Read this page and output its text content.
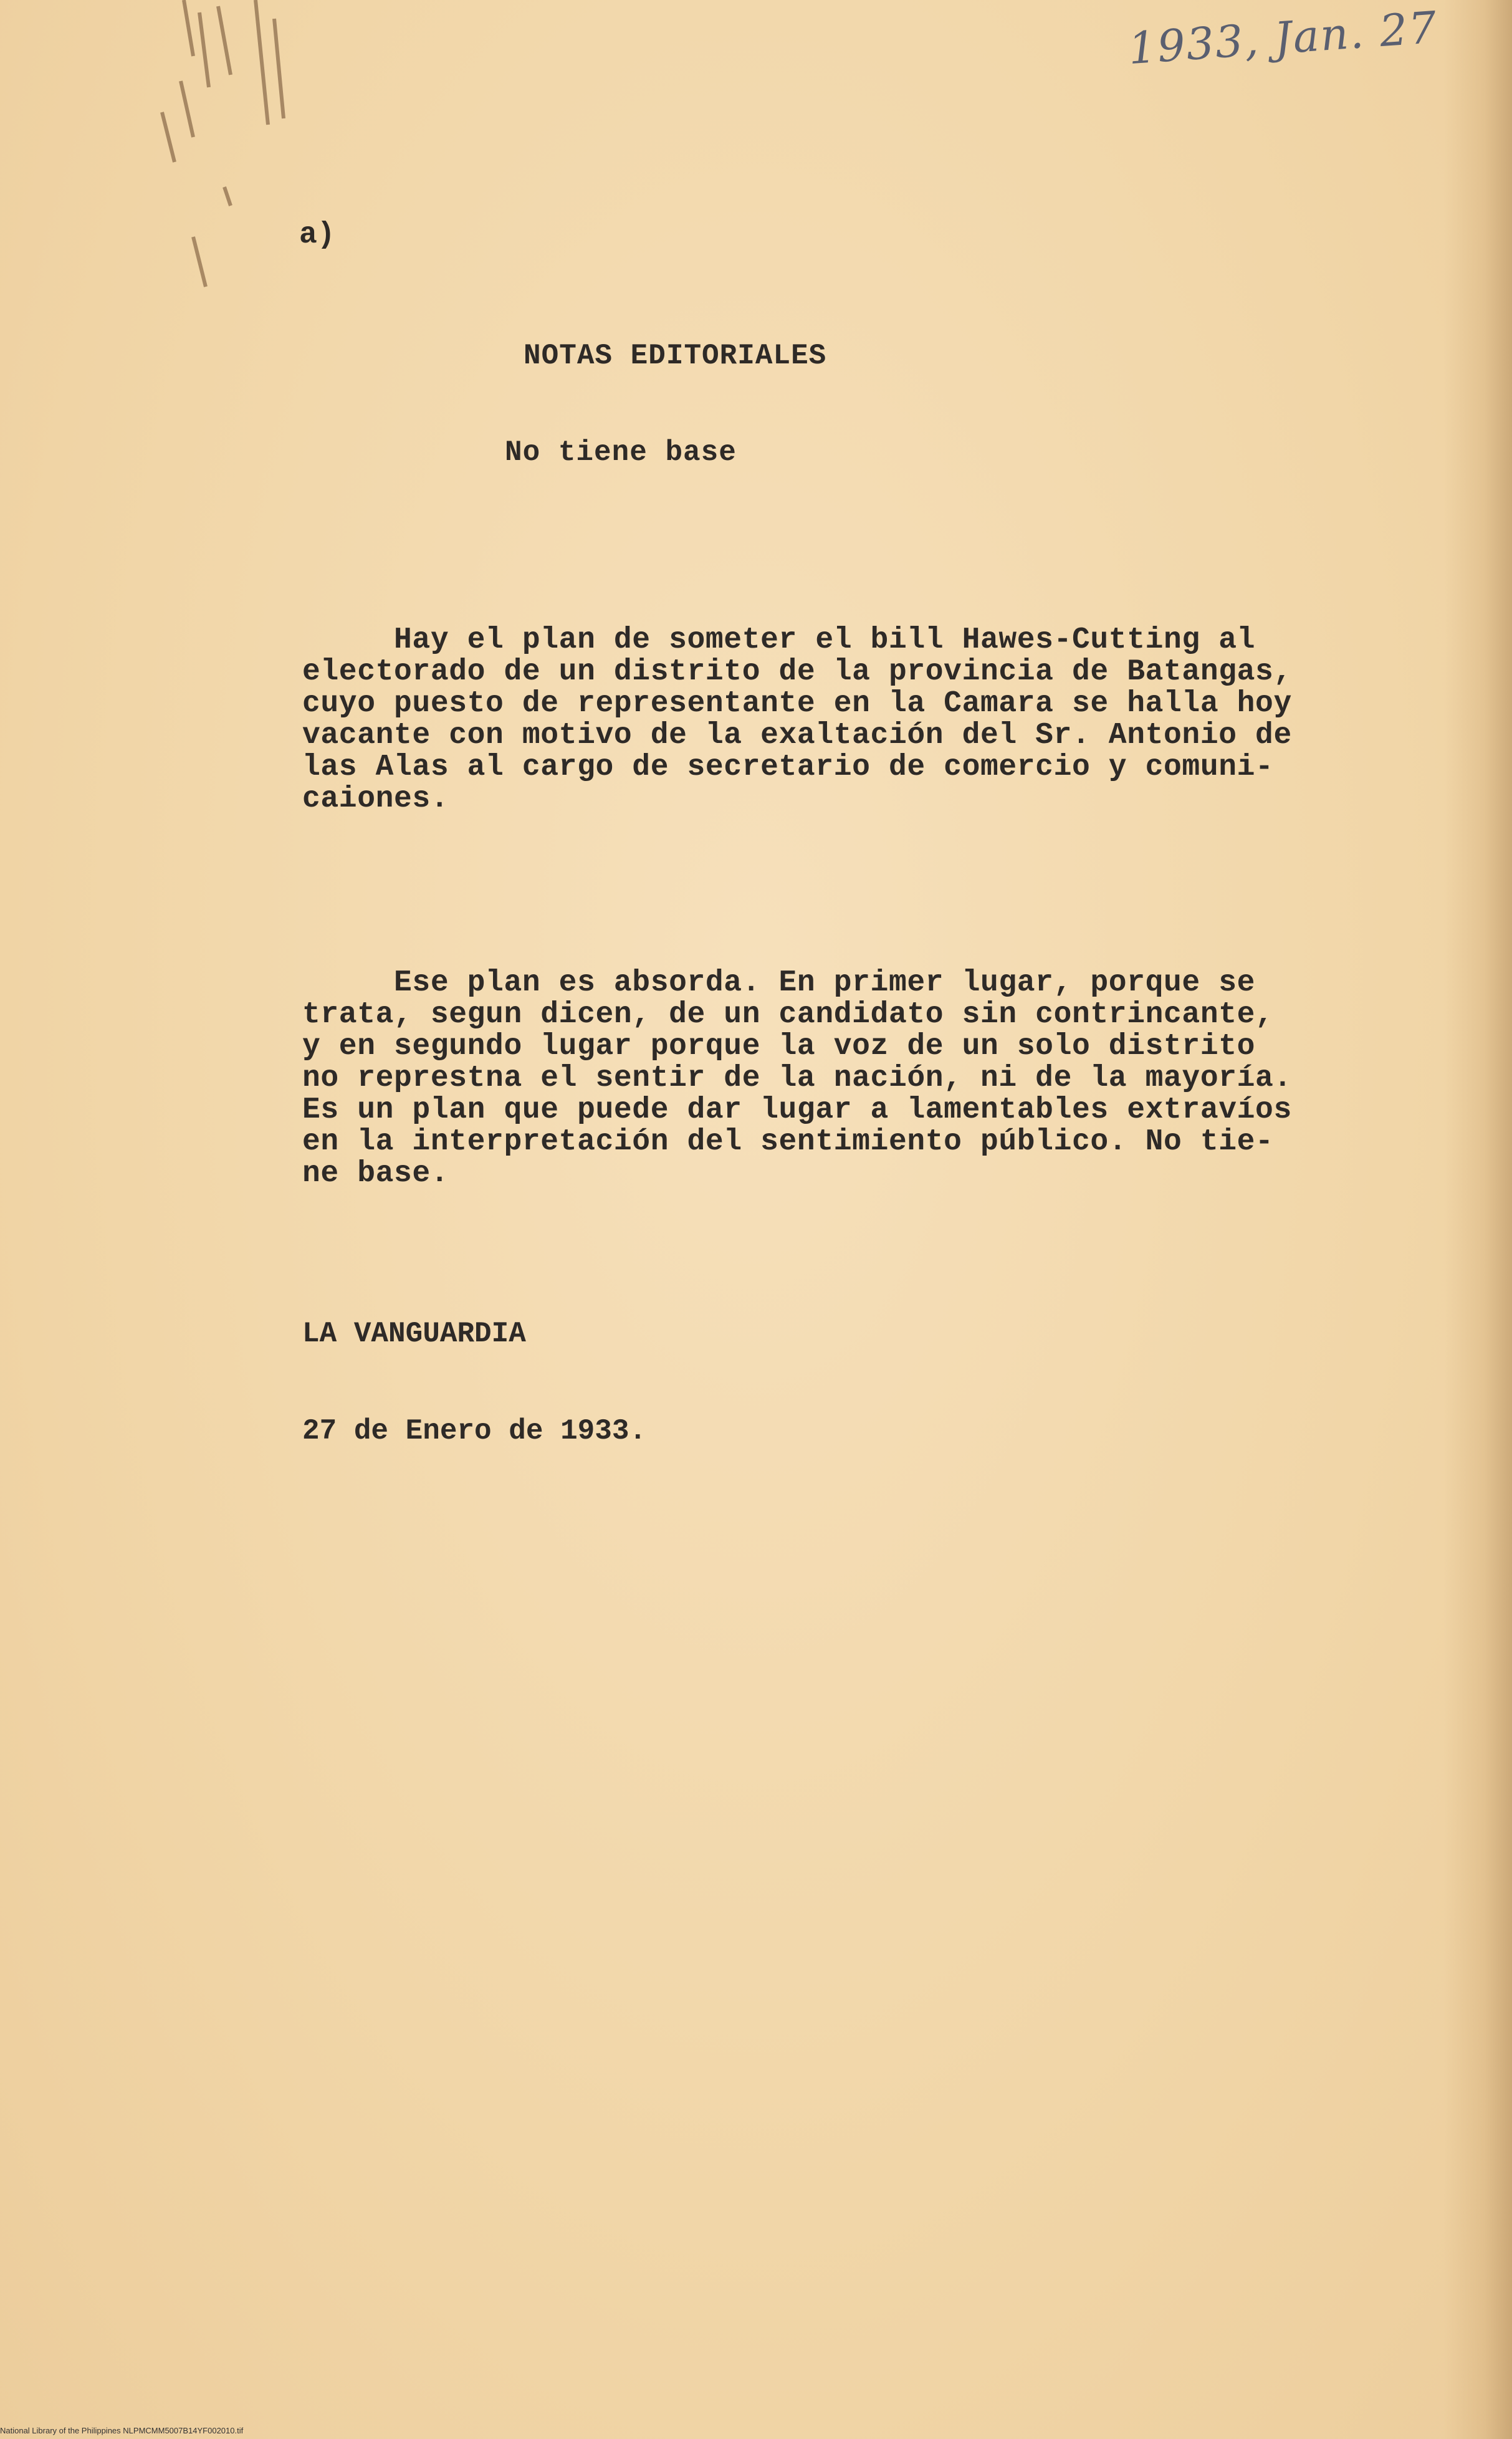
1933, Jan. 27
a)
NOTAS EDITORIALES
No tiene base

Hay el plan de someter el bill Hawes-Cutting al
electorado de un distrito de la provincia de Batangas,
cuyo puesto de representante en la Camara se halla hoy
vacante con motivo de la exaltación del Sr. Antonio de
las Alas al cargo de secretario de comercio y comuni-
caiones.

Ese plan es absorda. En primer lugar, porque se
trata, segun dicen, de un candidato sin contrincante,
y en segundo lugar porque la voz de un solo distrito
no represtna el sentir de la nación, ni de la mayoría.
Es un plan que puede dar lugar a lamentables extravíos
en la interpretación del sentimiento público. No tie-
ne base.

LA VANGUARDIA

27 de Enero de 1933.

National Library of the Philippines NLPMCMM5007B14YF002010.tif
